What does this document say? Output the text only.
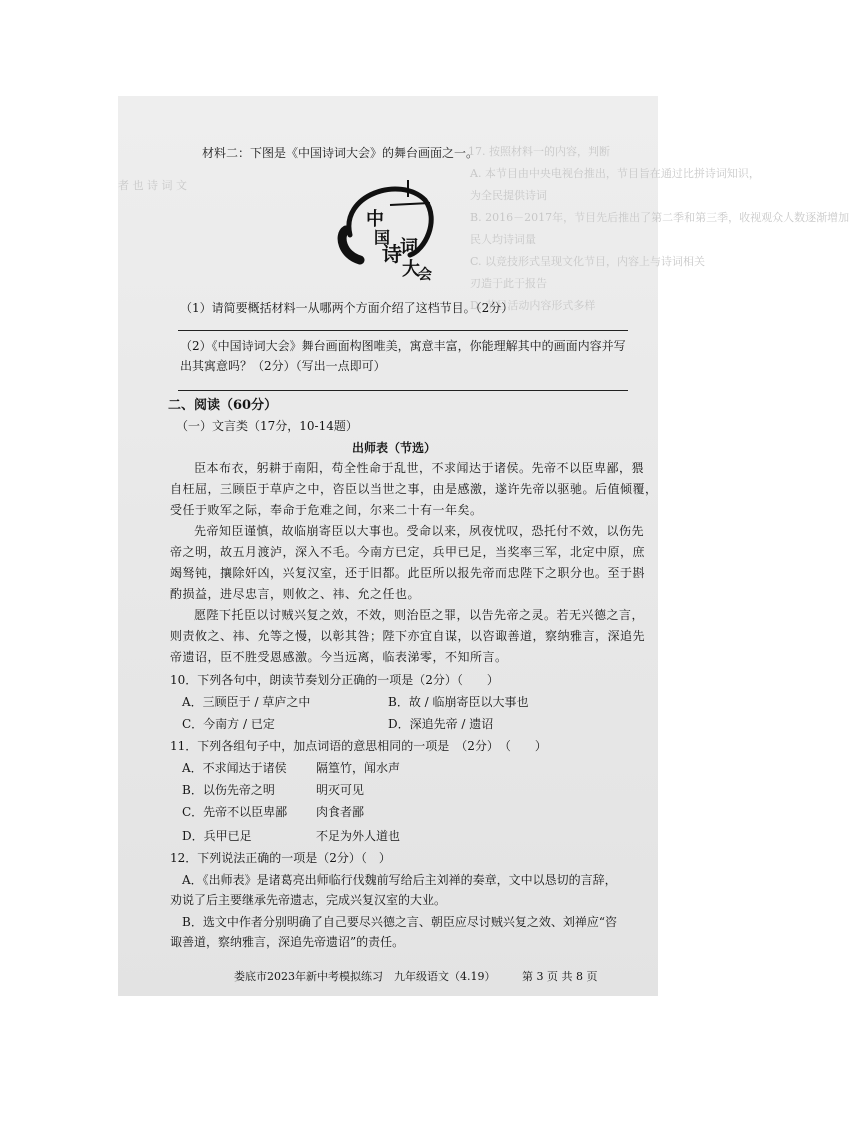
17. 按照材料一的内容，判断
A. 本节目由中央电视台推出，节目旨在通过比拼诗词知识，
者 也 诗 词 文
为全民提供诗词
B. 2016－2017年，节目先后推出了第二季和第三季，收视观众人数逐渐增加
民人均诗词量
C. 以竞技形式呈现文化节目，内容上与诗词相关
刃造于此于报告
D. 节目活动内容形式多样
材料二：下图是《中国诗词大会》的舞台画面之一。
中
国
诗
词
大
会
（1）请简要概括材料一从哪两个方面介绍了这档节目。（2分）
（2）《中国诗词大会》舞台画面构图唯美，寓意丰富，你能理解其中的画面内容并写
出其寓意吗？（2分）（写出一点即可）
二、阅读（60分）
（一）文言类（17分，10-14题）
出师表（节选）
臣本布衣，躬耕于南阳，苟全性命于乱世，不求闻达于诸侯。先帝不以臣卑鄙，猥
自枉屈，三顾臣于草庐之中，咨臣以当世之事，由是感激，遂许先帝以驱驰。后值倾覆，
受任于败军之际，奉命于危难之间，尔来二十有一年矣。
先帝知臣谨慎，故临崩寄臣以大事也。受命以来，夙夜忧叹，恐托付不效，以伤先
帝之明，故五月渡泸，深入不毛。今南方已定，兵甲已足，当奖率三军，北定中原，庶
竭驽钝，攘除奸凶，兴复汉室，还于旧都。此臣所以报先帝而忠陛下之职分也。至于斟
酌损益，进尽忠言，则攸之、祎、允之任也。
愿陛下托臣以讨贼兴复之效，不效，则治臣之罪，以告先帝之灵。若无兴德之言，
则责攸之、祎、允等之慢，以彰其咎；陛下亦宜自谋，以咨诹善道，察纳雅言，深追先
帝遗诏，臣不胜受恩感激。今当远离，临表涕零，不知所言。
10．下列各句中，朗读节奏划分正确的一项是（2分）（　　）
A．三顾臣于 / 草庐之中	B．故 / 临崩寄臣以大事也
C．今南方 / 已定	D．深追先帝 / 遗诏
11．下列各组句子中，加点词语的意思相同的一项是　（2分）　（　　）
A．不求闻达于诸侯 隔篁竹，闻水声
B．以伤先帝之明	明灭可见
C．先帝不以臣卑鄙 肉食者鄙
D．兵甲已足	不足为外人道也
12．下列说法正确的一项是（2分）（　）
A．《出师表》是诸葛亮出师临行伐魏前写给后主刘禅的奏章，文中以恳切的言辞，
劝说了后主要继承先帝遗志，完成兴复汉室的大业。
B．选文中作者分别明确了自己要尽兴德之言、朝臣应尽讨贼兴复之效、刘禅应“咨
诹善道，察纳雅言，深追先帝遗诏”的责任。
娄底市2023年新中考模拟练习　九年级语文（4.19） 第 3 页 共 8 页
